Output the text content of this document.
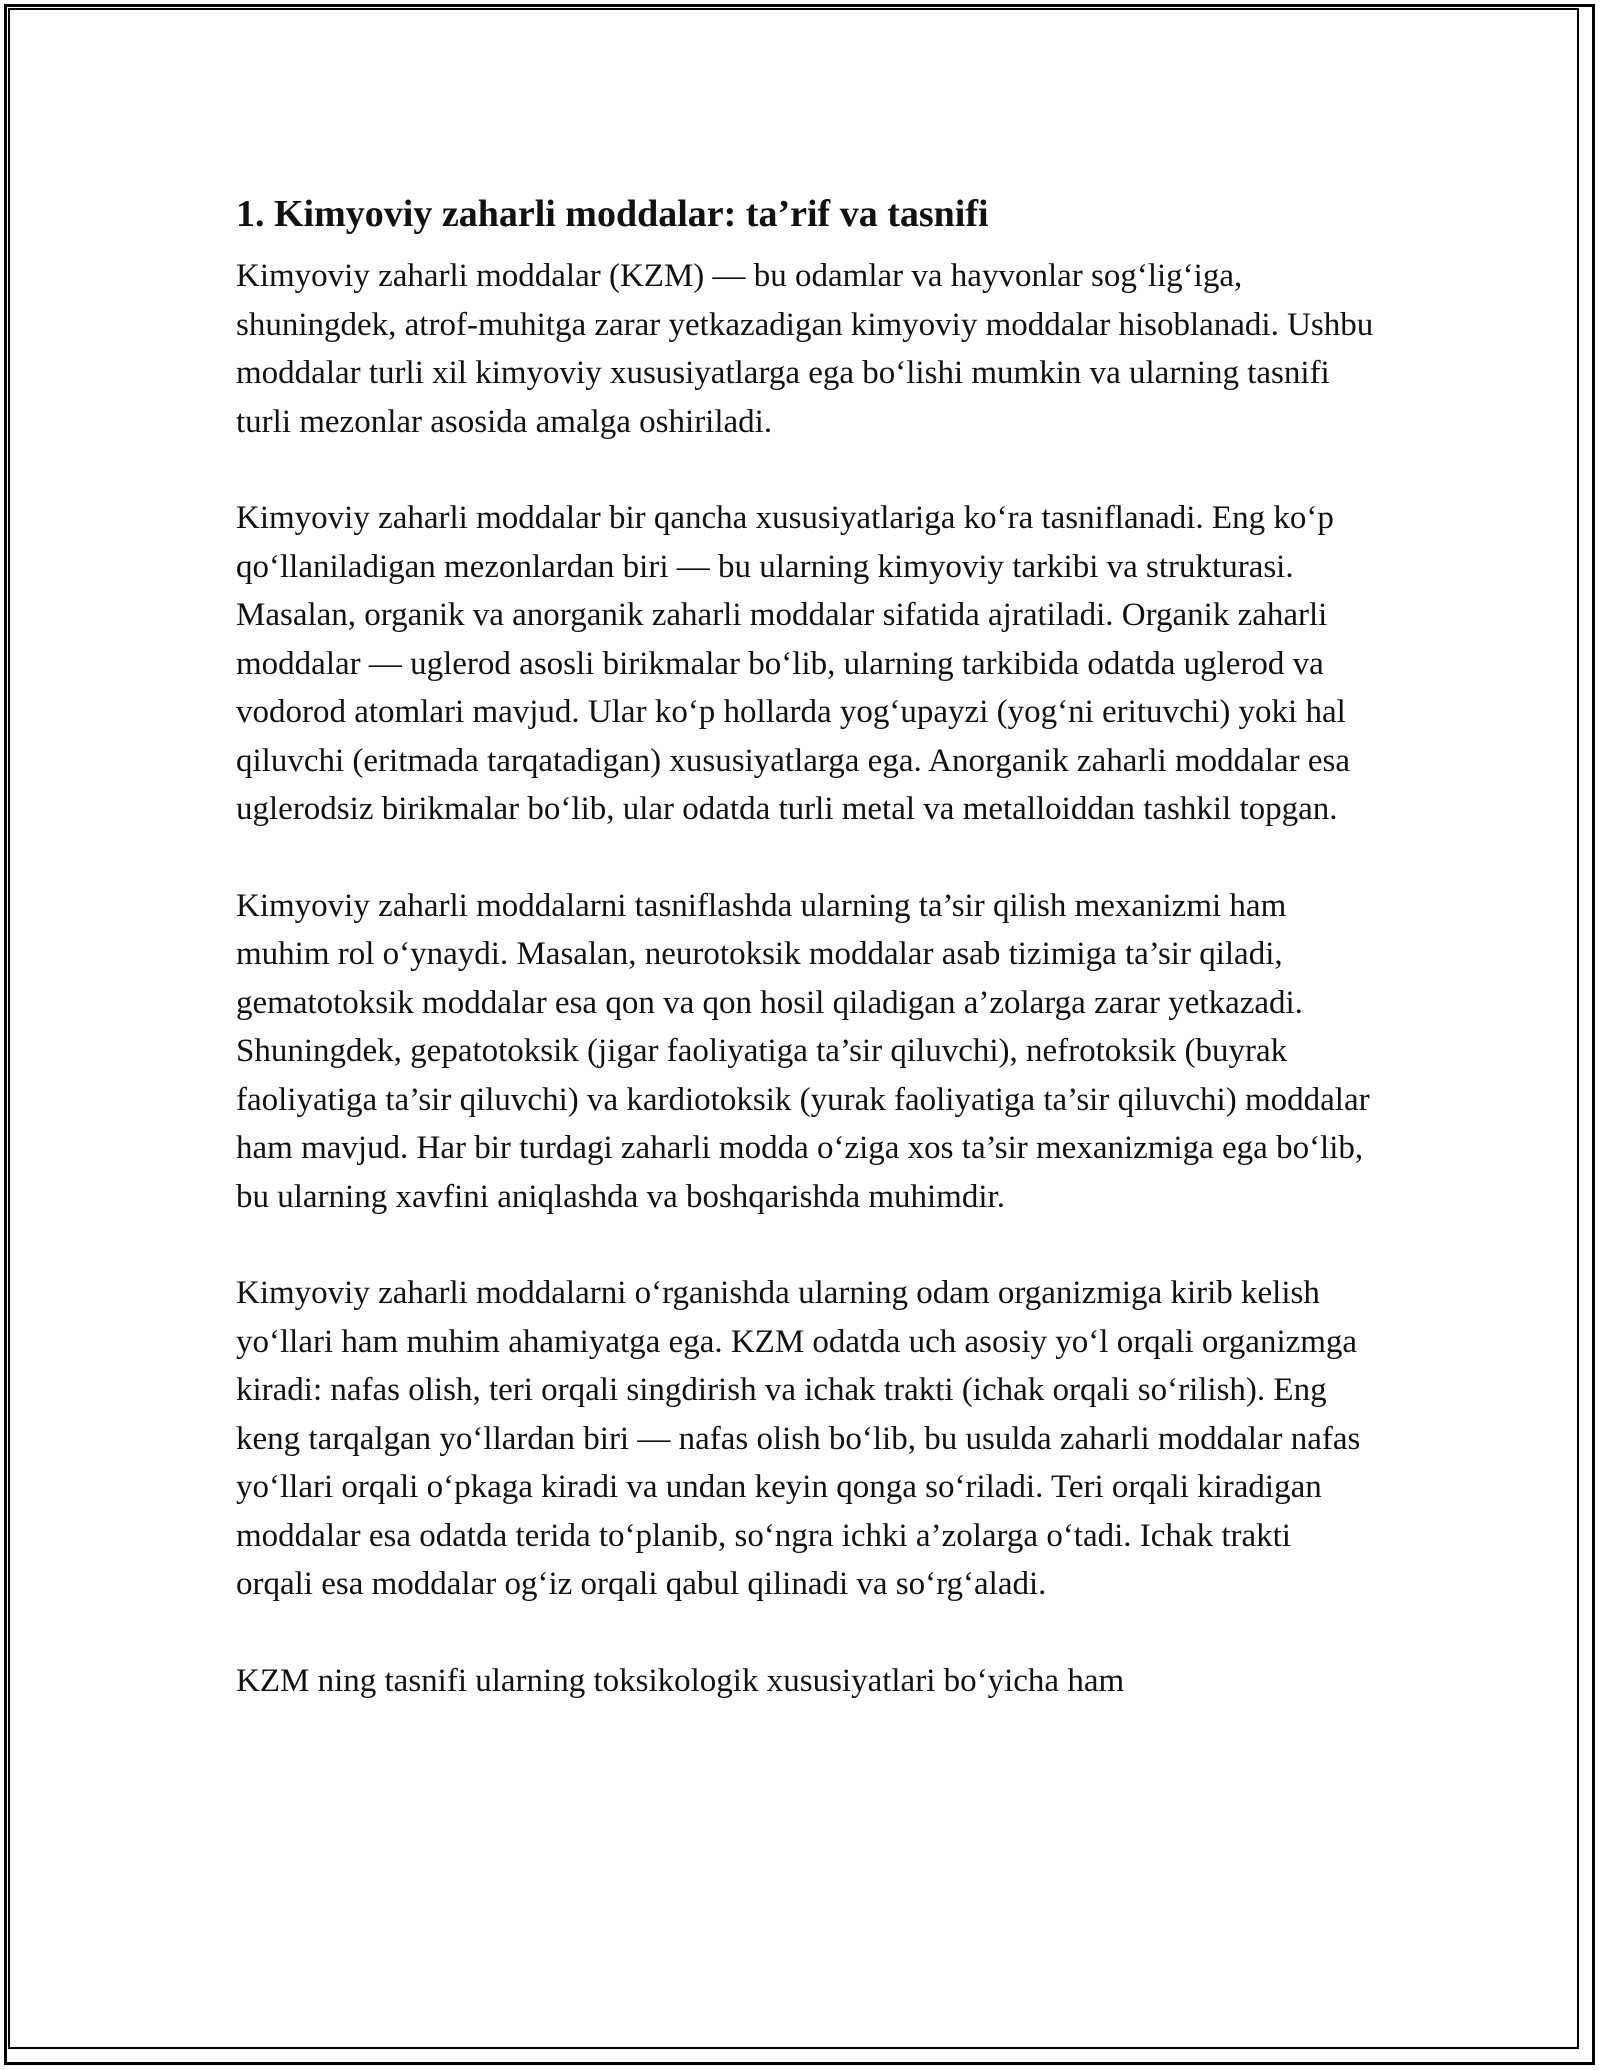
1. Kimyoviy zaharli moddalar: ta’rif va tasnifi

Kimyoviy zaharli moddalar (KZM) — bu odamlar va hayvonlar sog‘lig‘iga, shuningdek, atrof-muhitga zarar yetkazadigan kimyoviy moddalar hisoblanadi. Ushbu moddalar turli xil kimyoviy xususiyatlarga ega bo‘lishi mumkin va ularning tasnifi turli mezonlar asosida amalga oshiriladi.

Kimyoviy zaharli moddalar bir qancha xususiyatlariga ko‘ra tasniflanadi. Eng ko‘p qo‘llaniladigan mezonlardan biri — bu ularning kimyoviy tarkibi va strukturasi. Masalan, organik va anorganik zaharli moddalar sifatida ajratiladi. Organik zaharli moddalar — uglerod asosli birikmalar bo‘lib, ularning tarkibida odatda uglerod va vodorod atomlari mavjud. Ular ko‘p hollarda yog‘upayzi (yog‘ni erituvchi) yoki hal qiluvchi (eritmada tarqatadigan) xususiyatlarga ega. Anorganik zaharli moddalar esa uglerodsiz birikmalar bo‘lib, ular odatda turli metal va metalloiddan tashkil topgan.

Kimyoviy zaharli moddalarni tasniflashda ularning ta’sir qilish mexanizmi ham muhim rol o‘ynaydi. Masalan, neurotoksik moddalar asab tizimiga ta’sir qiladi, gematotoksik moddalar esa qon va qon hosil qiladigan a’zolarga zarar yetkazadi. Shuningdek, gepatotoksik (jigar faoliyatiga ta’sir qiluvchi), nefrotoksik (buyrak faoliyatiga ta’sir qiluvchi) va kardiotoksik (yurak faoliyatiga ta’sir qiluvchi) moddalar ham mavjud. Har bir turdagi zaharli modda o‘ziga xos ta’sir mexanizmiga ega bo‘lib, bu ularning xavfini aniqlashda va boshqarishda muhimdir.

Kimyoviy zaharli moddalarni o‘rganishda ularning odam organizmiga kirib kelish yo‘llari ham muhim ahamiyatga ega. KZM odatda uch asosiy yo‘l orqali organizmga kiradi: nafas olish, teri orqali singdirish va ichak trakti (ichak orqali so‘rilish). Eng keng tarqalgan yo‘llardan biri — nafas olish bo‘lib, bu usulda zaharli moddalar nafas yo‘llari orqali o‘pkaga kiradi va undan keyin qonga so‘riladi. Teri orqali kiradigan moddalar esa odatda terida to‘planib, so‘ngra ichki a’zolarga o‘tadi. Ichak trakti orqali esa moddalar og‘iz orqali qabul qilinadi va so‘rg‘aladi.

KZM ning tasnifi ularning toksikologik xususiyatlari bo‘yicha ham
